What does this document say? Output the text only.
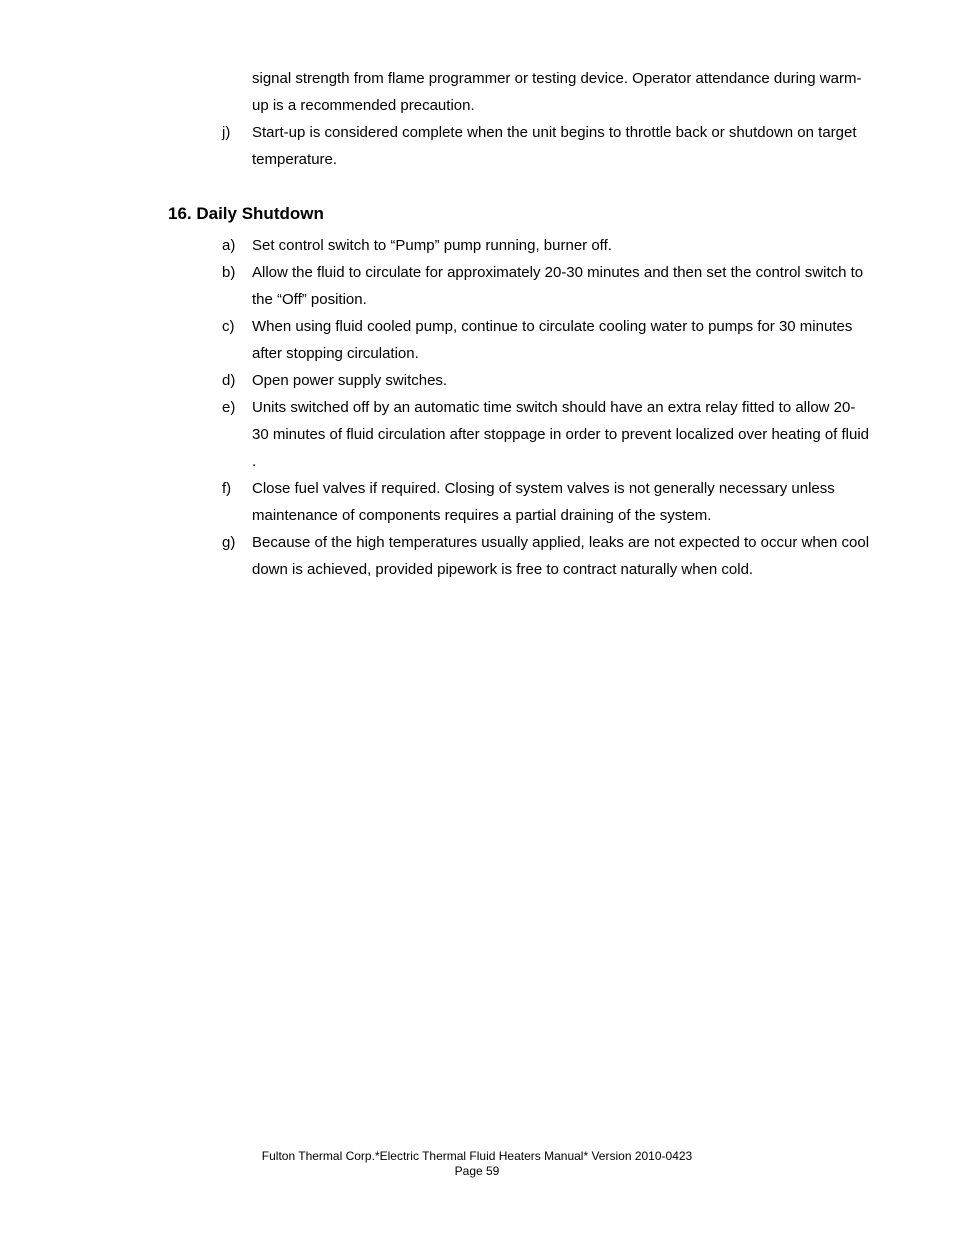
signal strength from flame programmer or testing device. Operator attendance during warm-up is a recommended precaution.
j)	Start-up is considered complete when the unit begins to throttle back or shutdown on target temperature.
16. Daily Shutdown
a)	Set control switch to “Pump” pump running, burner off.
b)	Allow the fluid to circulate for approximately 20-30 minutes and then set the control switch to the “Off” position.
c)	When using fluid cooled pump, continue to circulate cooling water to pumps for 30 minutes after stopping circulation.
d)	Open power supply switches.
e)	Units switched off by an automatic time switch should have an extra relay fitted to allow 20-30 minutes of fluid circulation after stoppage in order to prevent localized over heating of fluid .
f)	Close fuel valves if required. Closing of system valves is not generally necessary unless maintenance of components requires a partial draining of the system.
g)	Because of the high temperatures usually applied, leaks are not expected to occur when cool down is achieved, provided pipework is free to contract naturally when cold.
Fulton Thermal Corp.*Electric Thermal Fluid Heaters Manual* Version 2010-0423
Page 59
